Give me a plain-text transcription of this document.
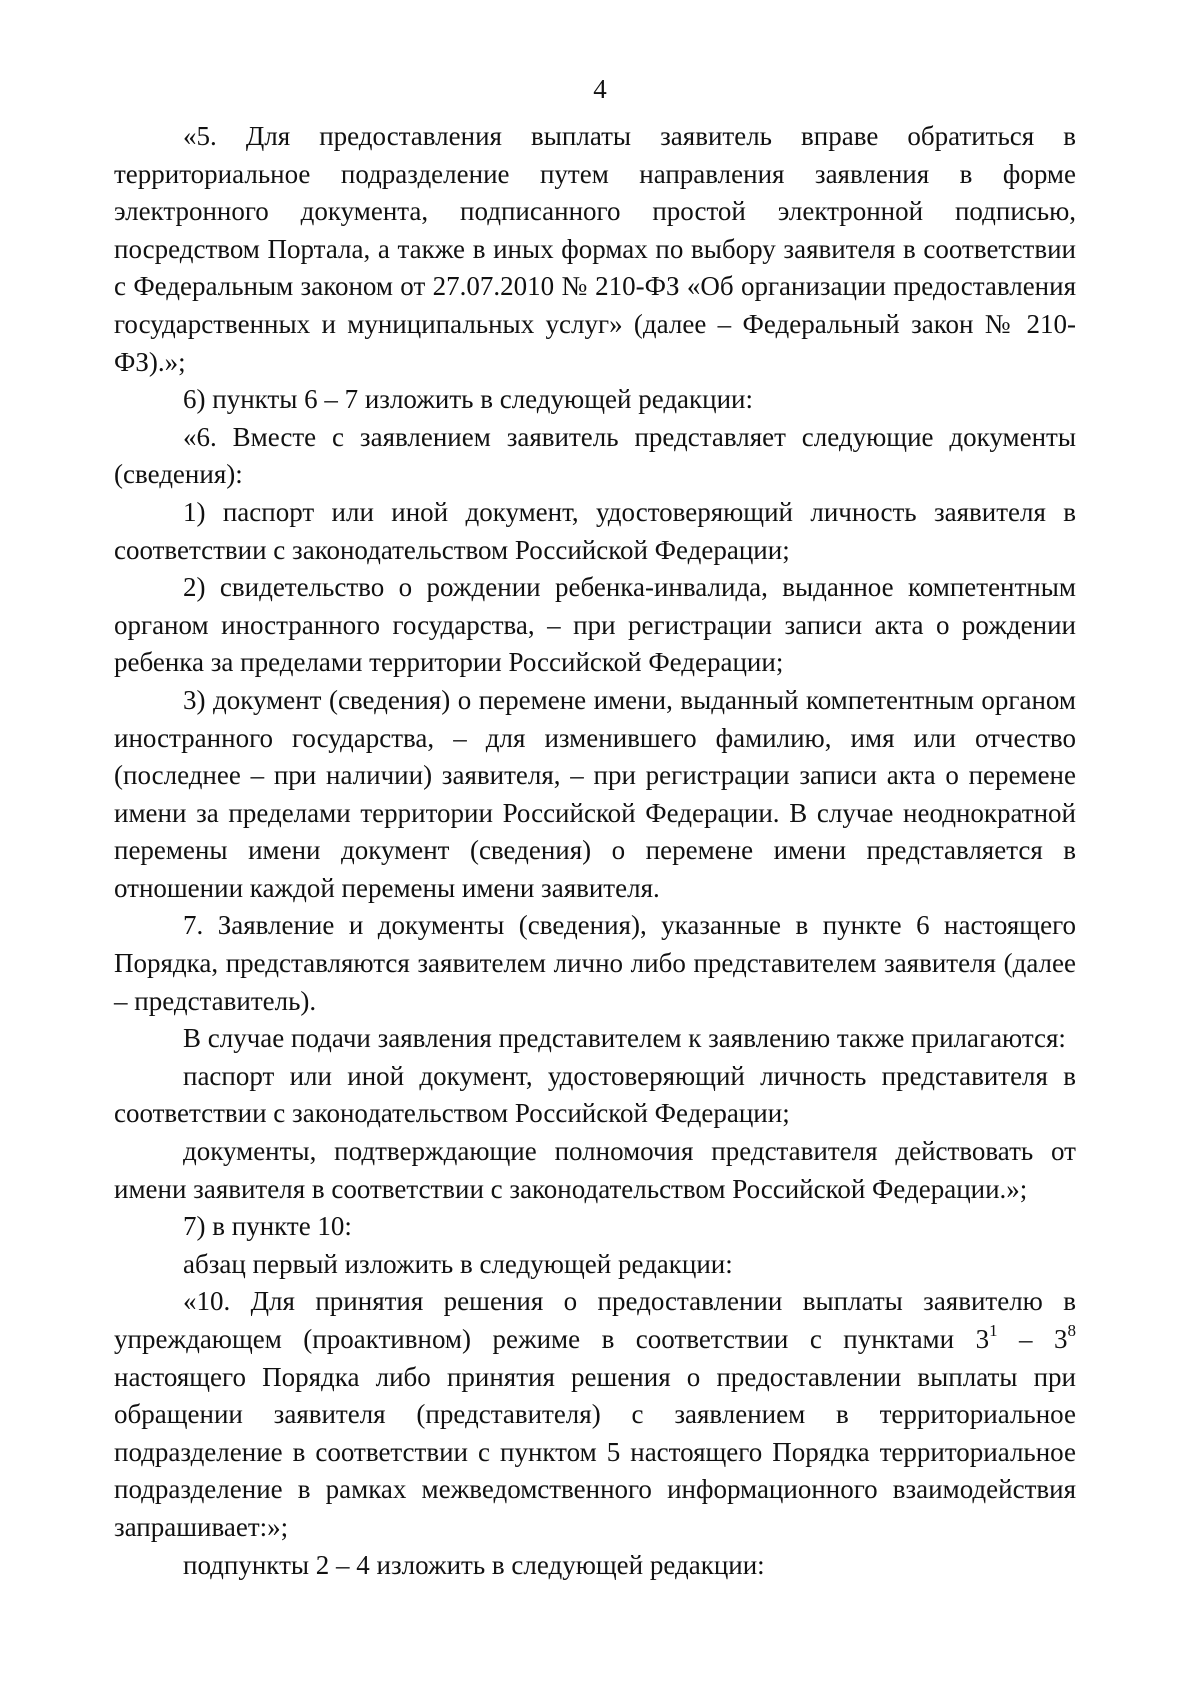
4

«5. Для предоставления выплаты заявитель вправе обратиться в территориальное подразделение путем направления заявления в форме электронного документа, подписанного простой электронной подписью, посредством Портала, а также в иных формах по выбору заявителя в соответствии с Федеральным законом от 27.07.2010 № 210-ФЗ «Об организации предоставления государственных и муниципальных услуг» (далее – Федеральный закон № 210-ФЗ).»;

6) пункты 6 – 7 изложить в следующей редакции:

«6. Вместе с заявлением заявитель представляет следующие документы (сведения):

1) паспорт или иной документ, удостоверяющий личность заявителя в соответствии с законодательством Российской Федерации;

2) свидетельство о рождении ребенка-инвалида, выданное компетентным органом иностранного государства, – при регистрации записи акта о рождении ребенка за пределами территории Российской Федерации;

3) документ (сведения) о перемене имени, выданный компетентным органом иностранного государства, – для изменившего фамилию, имя или отчество (последнее – при наличии) заявителя, – при регистрации записи акта о перемене имени за пределами территории Российской Федерации. В случае неоднократной перемены имени документ (сведения) о перемене имени представляется в отношении каждой перемены имени заявителя.

7. Заявление и документы (сведения), указанные в пункте 6 настоящего Порядка, представляются заявителем лично либо представителем заявителя (далее – представитель).

В случае подачи заявления представителем к заявлению также прилагаются:

паспорт или иной документ, удостоверяющий личность представителя в соответствии с законодательством Российской Федерации;

документы, подтверждающие полномочия представителя действовать от имени заявителя в соответствии с законодательством Российской Федерации.»;

7) в пункте 10:

абзац первый изложить в следующей редакции:

«10. Для принятия решения о предоставлении выплаты заявителю в упреждающем (проактивном) режиме в соответствии с пунктами $3^1 - 3^8$ настоящего Порядка либо принятия решения о предоставлении выплаты при обращении заявителя (представителя) с заявлением в территориальное подразделение в соответствии с пунктом 5 настоящего Порядка территориальное подразделение в рамках межведомственного информационного взаимодействия запрашивает:»;

подпункты 2 – 4 изложить в следующей редакции:
